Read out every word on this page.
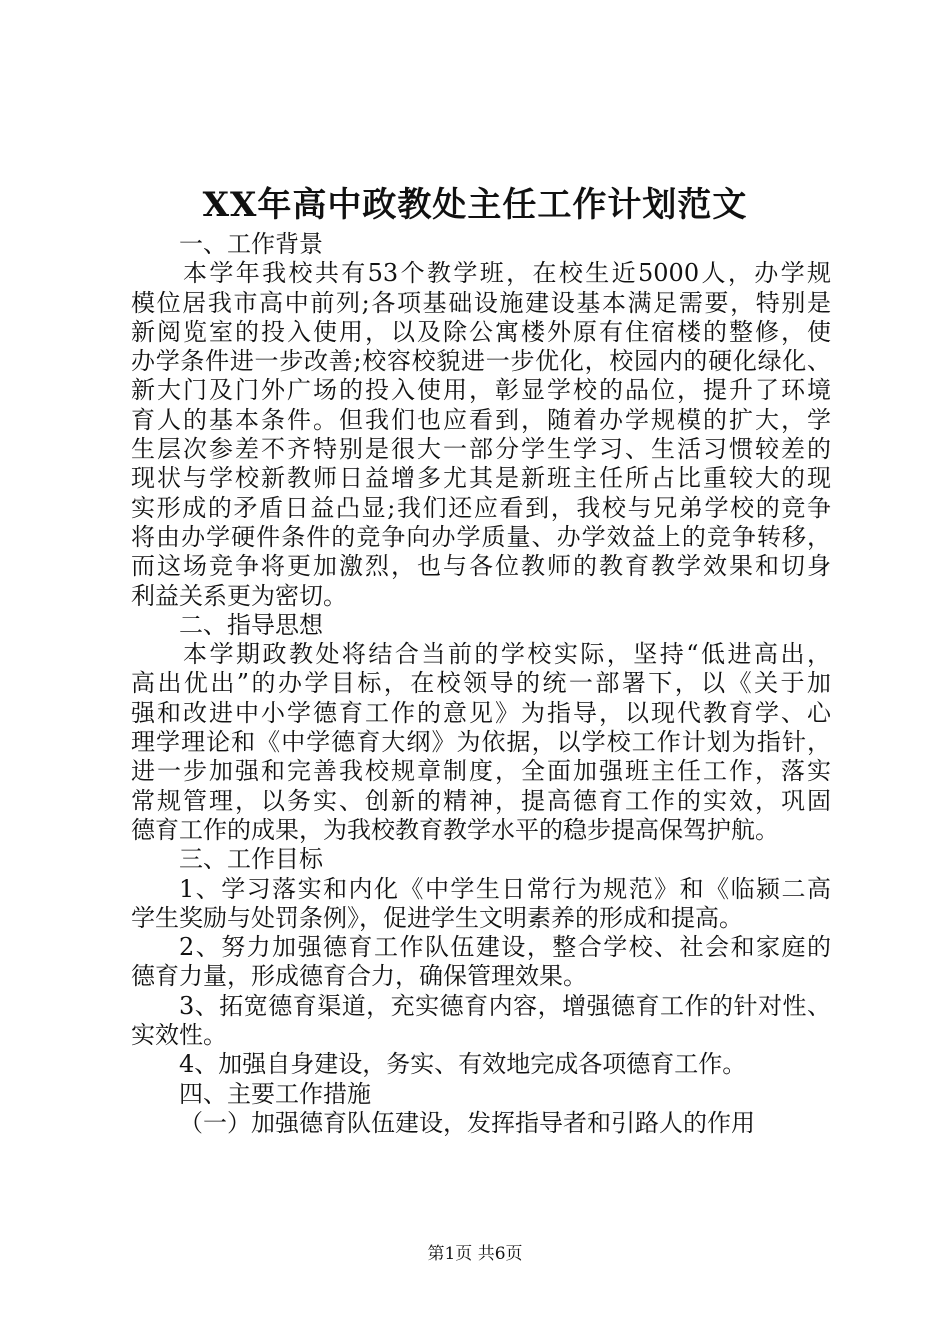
XX年高中政教处主任工作计划范文
一、工作背景
本学年我校共有53个教学班，在校生近5000人，办学规
模位居我市高中前列;各项基础设施建设基本满足需要，特别是
新阅览室的投入使用，以及除公寓楼外原有住宿楼的整修，使
办学条件进一步改善;校容校貌进一步优化，校园内的硬化绿化、
新大门及门外广场的投入使用，彰显学校的品位，提升了环境
育人的基本条件。但我们也应看到，随着办学规模的扩大，学
生层次参差不齐特别是很大一部分学生学习、生活习惯较差的
现状与学校新教师日益增多尤其是新班主任所占比重较大的现
实形成的矛盾日益凸显;我们还应看到，我校与兄弟学校的竞争
将由办学硬件条件的竞争向办学质量、办学效益上的竞争转移，
而这场竞争将更加激烈，也与各位教师的教育教学效果和切身
利益关系更为密切。
二、指导思想
本学期政教处将结合当前的学校实际，坚持“低进高出，
高出优出”的办学目标，在校领导的统一部署下，以《关于加
强和改进中小学德育工作的意见》为指导，以现代教育学、心
理学理论和《中学德育大纲》为依据，以学校工作计划为指针，
进一步加强和完善我校规章制度，全面加强班主任工作，落实
常规管理，以务实、创新的精神，提高德育工作的实效，巩固
德育工作的成果，为我校教育教学水平的稳步提高保驾护航。
三、工作目标
1、学习落实和内化《中学生日常行为规范》和《临颍二高
学生奖励与处罚条例》，促进学生文明素养的形成和提高。
2、努力加强德育工作队伍建设，整合学校、社会和家庭的
德育力量，形成德育合力，确保管理效果。
3、拓宽德育渠道，充实德育内容，增强德育工作的针对性、
实效性。
4、加强自身建设，务实、有效地完成各项德育工作。
四、主要工作措施
（一）加强德育队伍建设，发挥指导者和引路人的作用
第1页 共6页
